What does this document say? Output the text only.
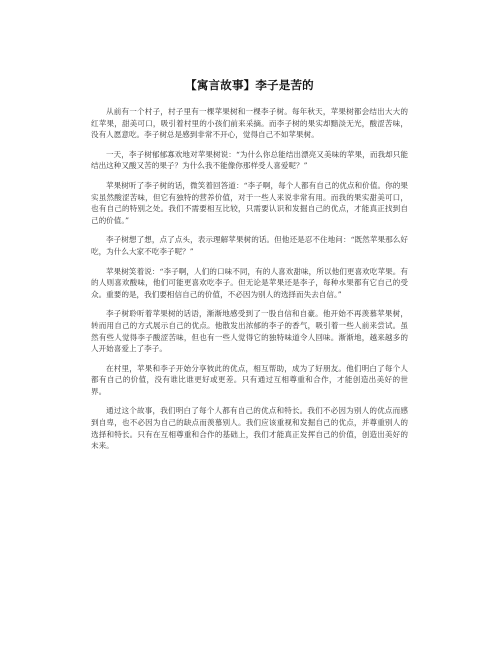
【寓言故事】李子是苦的

从前有一个村子，村子里有一棵苹果树和一棵李子树。每年秋天，苹果树都会结出大大的红苹果，甜美可口，吸引着村里的小孩们前来采摘。而李子树的果实却黯淡无光，酸涩苦味，没有人愿意吃。李子树总是感到非常不开心，觉得自己不如苹果树。

一天，李子树郁郁寡欢地对苹果树说：“为什么你总能结出漂亮又美味的苹果，而我却只能结出这种又酸又苦的果子？为什么我不能像你那样受人喜爱呢？”

苹果树听了李子树的话，微笑着回答道：“李子啊，每个人都有自己的优点和价值。你的果实虽然酸涩苦味，但它有独特的营养价值，对于一些人来说非常有用。而我的果实甜美可口，也有自己的特别之处。我们不需要相互比较，只需要认识和发掘自己的优点，才能真正找到自己的价值。”

李子树想了想，点了点头，表示理解苹果树的话。但他还是忍不住地问：“既然苹果那么好吃，为什么大家不吃李子呢？”

苹果树笑着说：“李子啊，人们的口味不同，有的人喜欢甜味，所以他们更喜欢吃苹果。有的人则喜欢酸味，他们可能更喜欢吃李子。但无论是苹果还是李子，每种水果都有它自己的受众。重要的是，我们要相信自己的价值，不必因为别人的选择而失去自信。”

李子树聆听着苹果树的话语，渐渐地感受到了一股自信和自豪。他开始不再羡慕苹果树，转而用自己的方式展示自己的优点。他散发出浓郁的李子的香气，吸引着一些人前来尝试。虽然有些人觉得李子酸涩苦味，但也有一些人觉得它的独特味道令人回味。渐渐地，越来越多的人开始喜爱上了李子。

在村里，苹果和李子开始分享彼此的优点，相互帮助，成为了好朋友。他们明白了每个人都有自己的价值，没有谁比谁更好或更差。只有通过互相尊重和合作，才能创造出美好的世界。

通过这个故事，我们明白了每个人都有自己的优点和特长。我们不必因为别人的优点而感到自卑，也不必因为自己的缺点而羡慕别人。我们应该重视和发掘自己的优点，并尊重别人的选择和特长。只有在互相尊重和合作的基础上，我们才能真正发挥自己的价值，创造出美好的未来。
